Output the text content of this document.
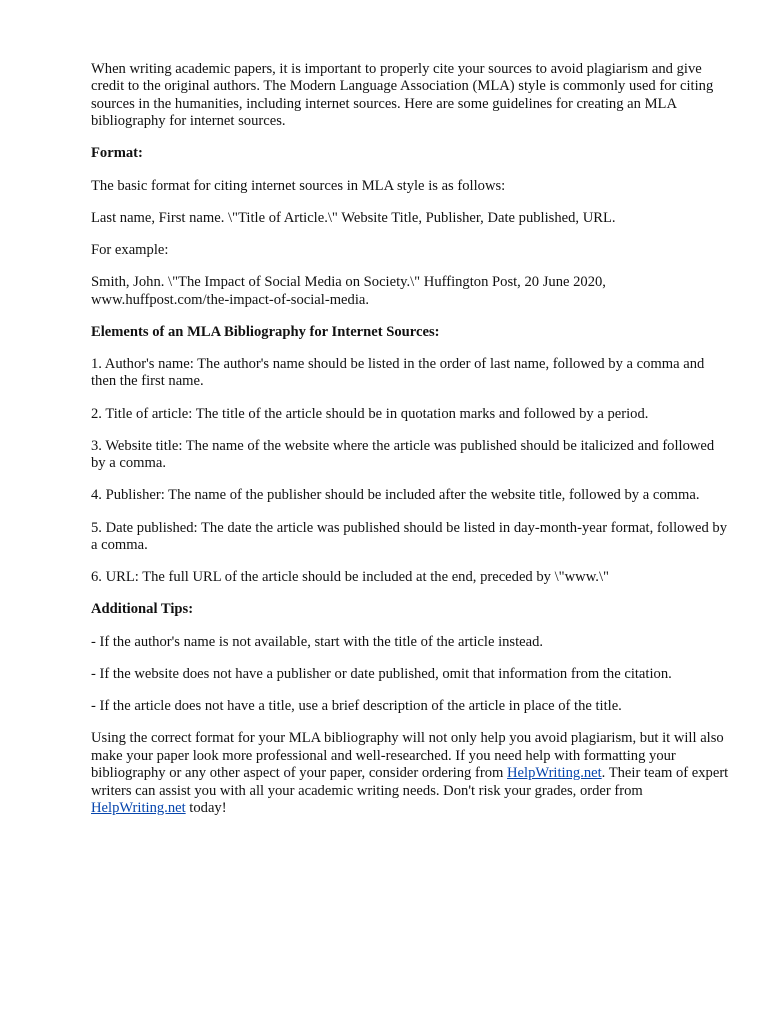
When writing academic papers, it is important to properly cite your sources to avoid plagiarism and give credit to the original authors. The Modern Language Association (MLA) style is commonly used for citing sources in the humanities, including internet sources. Here are some guidelines for creating an MLA bibliography for internet sources.

Format:

The basic format for citing internet sources in MLA style is as follows:

Last name, First name. \"Title of Article.\" Website Title, Publisher, Date published, URL.

For example:

Smith, John. \"The Impact of Social Media on Society.\" Huffington Post, 20 June 2020, www.huffpost.com/the-impact-of-social-media.

Elements of an MLA Bibliography for Internet Sources:

1. Author's name: The author's name should be listed in the order of last name, followed by a comma and then the first name.

2. Title of article: The title of the article should be in quotation marks and followed by a period.

3. Website title: The name of the website where the article was published should be italicized and followed by a comma.

4. Publisher: The name of the publisher should be included after the website title, followed by a comma.

5. Date published: The date the article was published should be listed in day-month-year format, followed by a comma.

6. URL: The full URL of the article should be included at the end, preceded by \"www.\"

Additional Tips:

- If the author's name is not available, start with the title of the article instead.

- If the website does not have a publisher or date published, omit that information from the citation.

- If the article does not have a title, use a brief description of the article in place of the title.

Using the correct format for your MLA bibliography will not only help you avoid plagiarism, but it will also make your paper look more professional and well-researched. If you need help with formatting your bibliography or any other aspect of your paper, consider ordering from HelpWriting.net. Their team of expert writers can assist you with all your academic writing needs. Don't risk your grades, order from HelpWriting.net today!
